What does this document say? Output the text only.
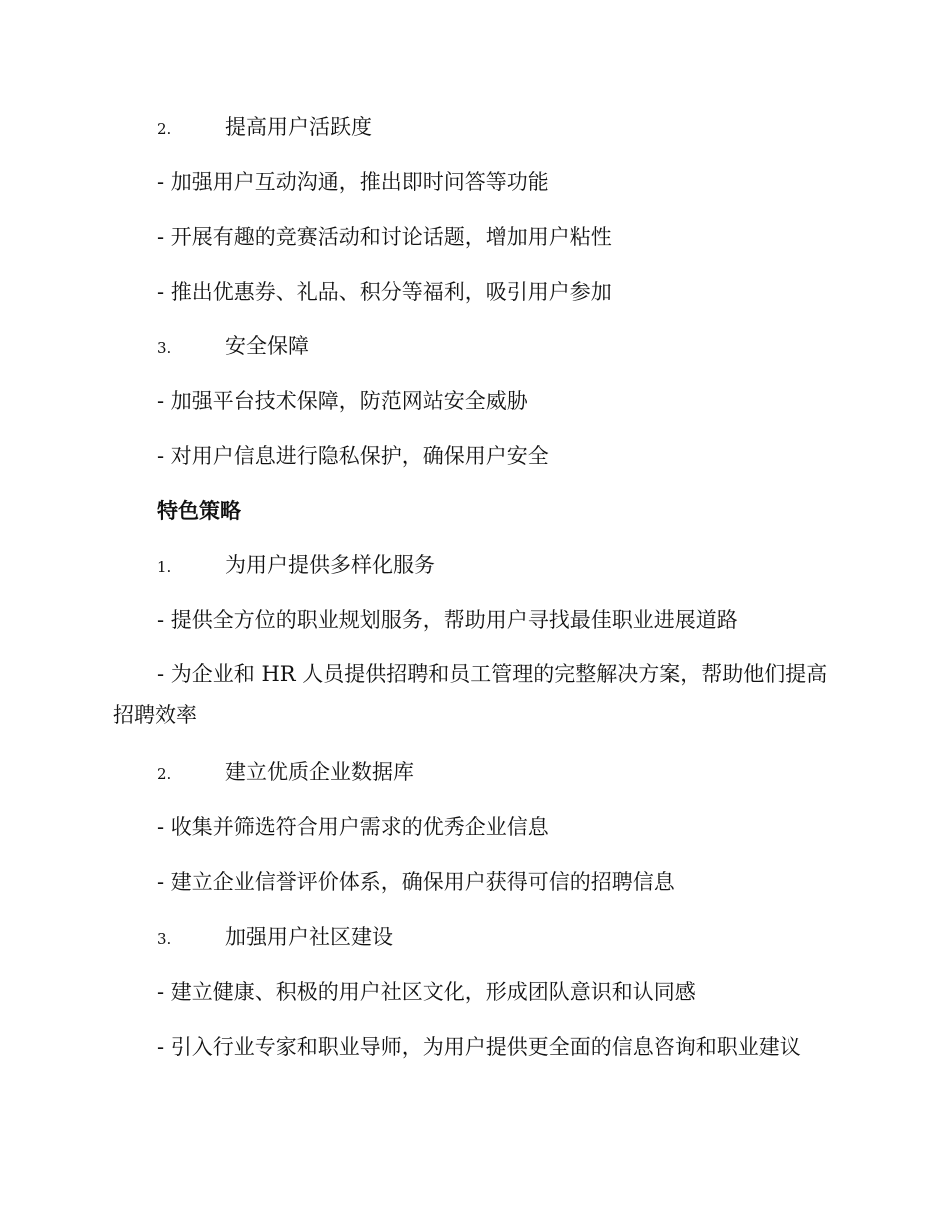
2.	提高用户活跃度
- 加强用户互动沟通，推出即时问答等功能
- 开展有趣的竞赛活动和讨论话题，增加用户粘性
- 推出优惠券、礼品、积分等福利，吸引用户参加
3.	安全保障
- 加强平台技术保障，防范网站安全威胁
- 对用户信息进行隐私保护，确保用户安全
特色策略
1.	为用户提供多样化服务
- 提供全方位的职业规划服务，帮助用户寻找最佳职业进展道路
- 为企业和 HR 人员提供招聘和员工管理的完整解决方案，帮助他们提高招聘效率
2.	建立优质企业数据库
- 收集并筛选符合用户需求的优秀企业信息
- 建立企业信誉评价体系，确保用户获得可信的招聘信息
3.	加强用户社区建设
- 建立健康、积极的用户社区文化，形成团队意识和认同感
- 引入行业专家和职业导师，为用户提供更全面的信息咨询和职业建议
